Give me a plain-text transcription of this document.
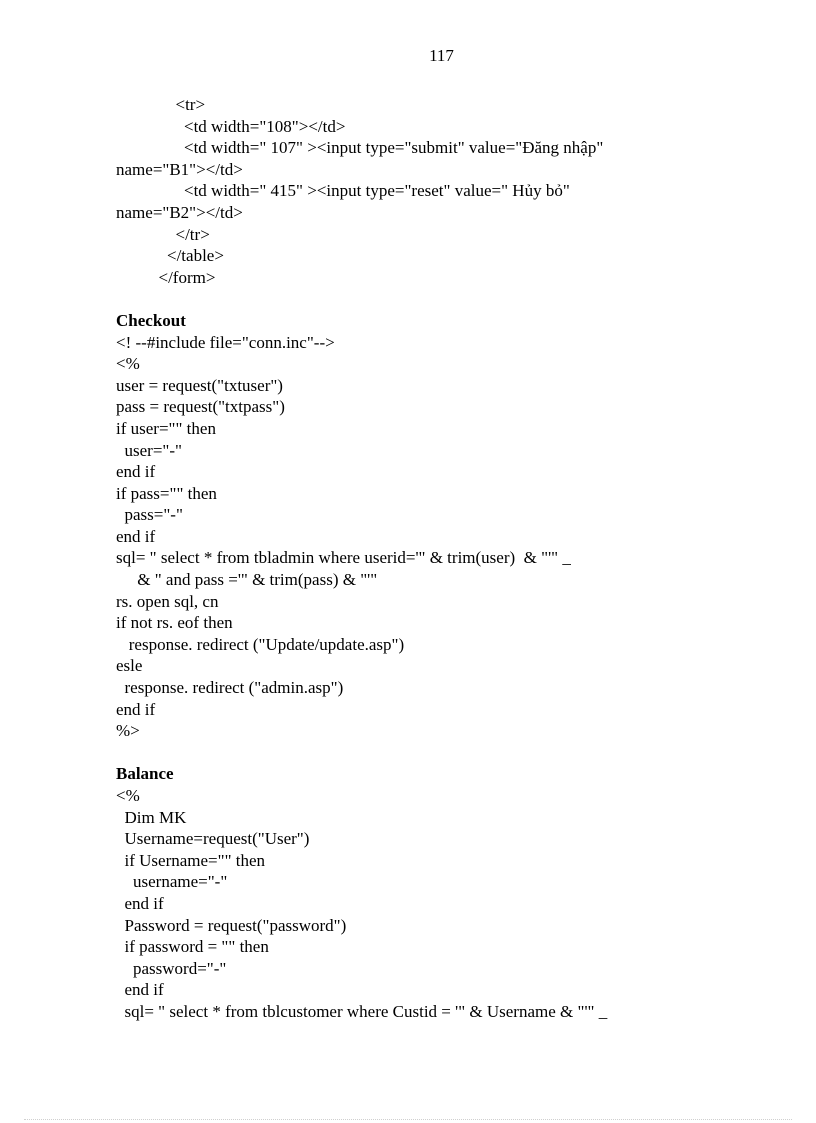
117
<tr>
<td width="108"></td>
<td width=" 107" ><input type="submit" value="Đăng nhập"
name="B1"></td>
<td width=" 415" ><input type="reset" value=" Hủy bỏ"
name="B2"></td>
</tr>
</table>
</form>
Checkout
<! --#include file="conn.inc"-->
<%
user = request("txtuser")
pass = request("txtpass")
if user="" then
user="-"
end if
if pass="" then
pass="-"
end if
sql= " select * from tbladmin where userid='" & trim(user)  & "'" _
& " and pass ='" & trim(pass) & "'"
rs. open sql, cn
if not rs. eof then
response. redirect ("Update/update.asp")
esle
response. redirect ("admin.asp")
end if
%>
Balance
<%
Dim MK
Username=request("User")
if Username="" then
username="-"
end if
Password = request("password")
if password = "" then
password="-"
end if
sql= " select * from tblcustomer where Custid = '" & Username & "'" _
